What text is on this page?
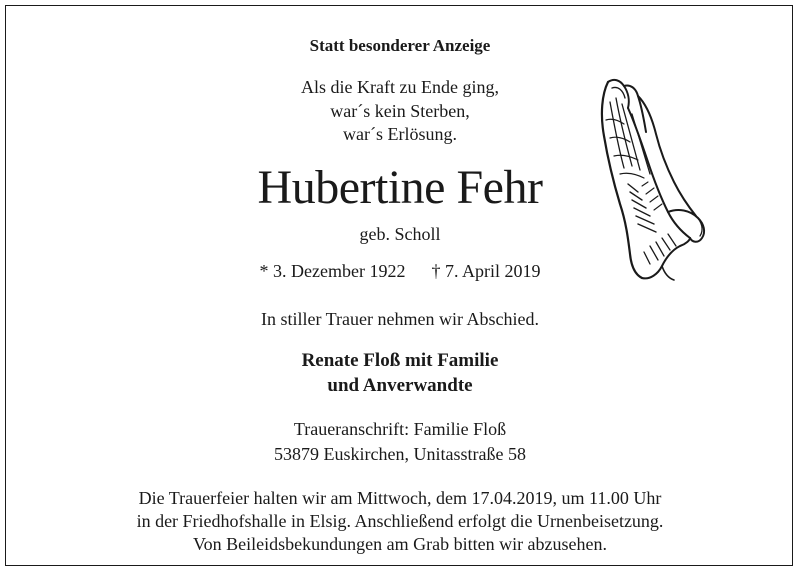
Statt besonderer Anzeige
Als die Kraft zu Ende ging,
war´s kein Sterben,
war´s Erlösung.
Hubertine Fehr
geb. Scholl
* 3. Dezember 1922 † 7. April 2019
In stiller Trauer nehmen wir Abschied.
Renate Floß mit Familie
und Anverwandte
Traueranschrift: Familie Floß
53879 Euskirchen, Unitasstraße 58
Die Trauerfeier halten wir am Mittwoch, dem 17.04.2019, um 11.00 Uhr
in der Friedhofshalle in Elsig. Anschließend erfolgt die Urnenbeisetzung.
Von Beileidsbekundungen am Grab bitten wir abzusehen.
